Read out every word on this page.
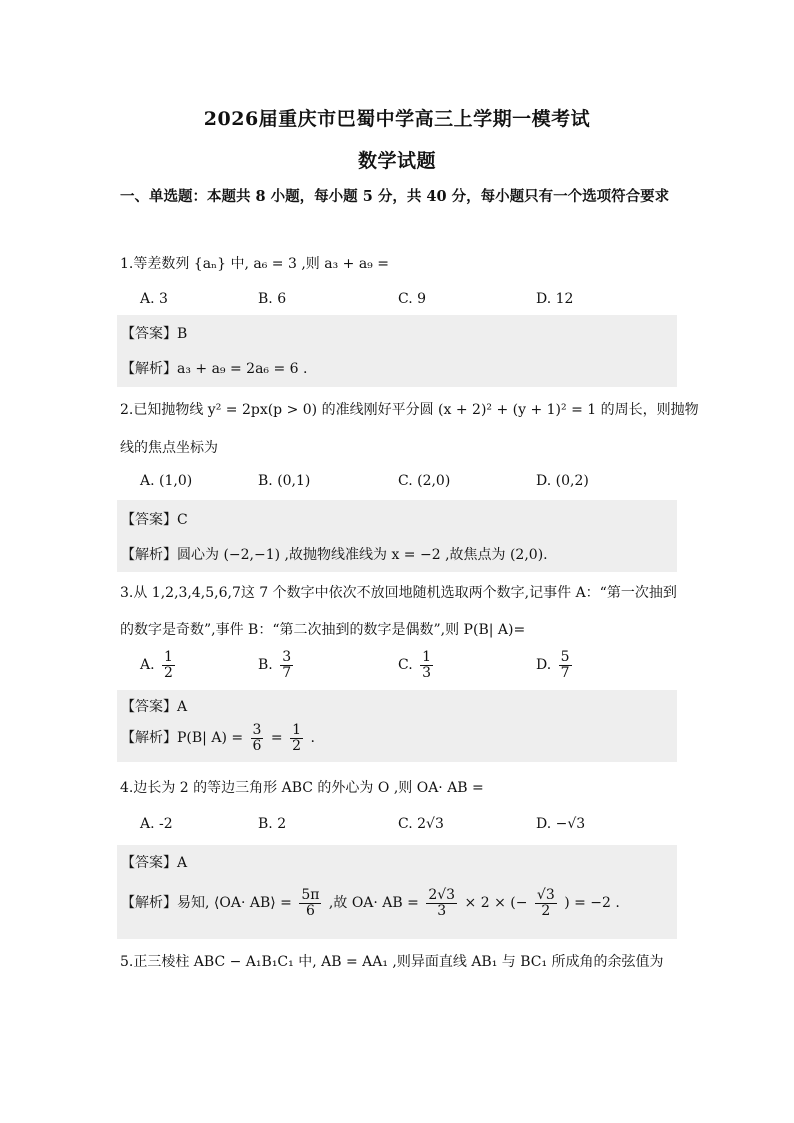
2026届重庆市巴蜀中学高三上学期一模考试
数学试题
一、单选题：本题共 8 小题，每小题 5 分，共 40 分，每小题只有一个选项符合要求
1.等差数列 {aₙ} 中, a₆ = 3 ,则 a₃ + a₉ =
A. 3	B. 6	C. 9	D. 12
【答案】B
【解析】a₃ + a₉ = 2a₆ = 6 .
2.已知抛物线 y² = 2px(p > 0) 的准线刚好平分圆 (x + 2)² + (y + 1)² = 1 的周长，则抛物
线的焦点坐标为
A. (1,0)	B. (0,1)	C. (2,0)	D. (0,2)
【答案】C
【解析】圆心为 (−2,−1) ,故抛物线准线为 x = −2 ,故焦点为 (2,0).
3.从 1,2,3,4,5,6,7这 7 个数字中依次不放回地随机选取两个数字,记事件 A：“第一次抽到
的数字是奇数”,事件 B：“第二次抽到的数字是偶数”,则 P(B| A)=
A. $\frac{1}{2}$	B. $\frac{3}{7}$	C. $\frac{1}{3}$	D. $\frac{5}{7}$
【答案】A
【解析】P(B| $A) = \frac{3}{6} = \frac{1}{2}$ .
4.边长为 2 的等边三角形 ABC 的外心为 O ,则 OA· AB =
A. -2	B. 2	C. 2√3	D. −√3
【答案】A
【解析】易知, ⟨OA· AB⟩ = $\frac{5\pi}{6}$ ,故 OA· AB = $\frac{2√3}{3} \times 2$ × (− $\frac{√3}{2}$ ) = −2 .
5.正三棱柱 ABC − A₁B₁C₁ 中, AB = AA₁ ,则异面直线 AB₁ 与 BC₁ 所成角的余弦值为
